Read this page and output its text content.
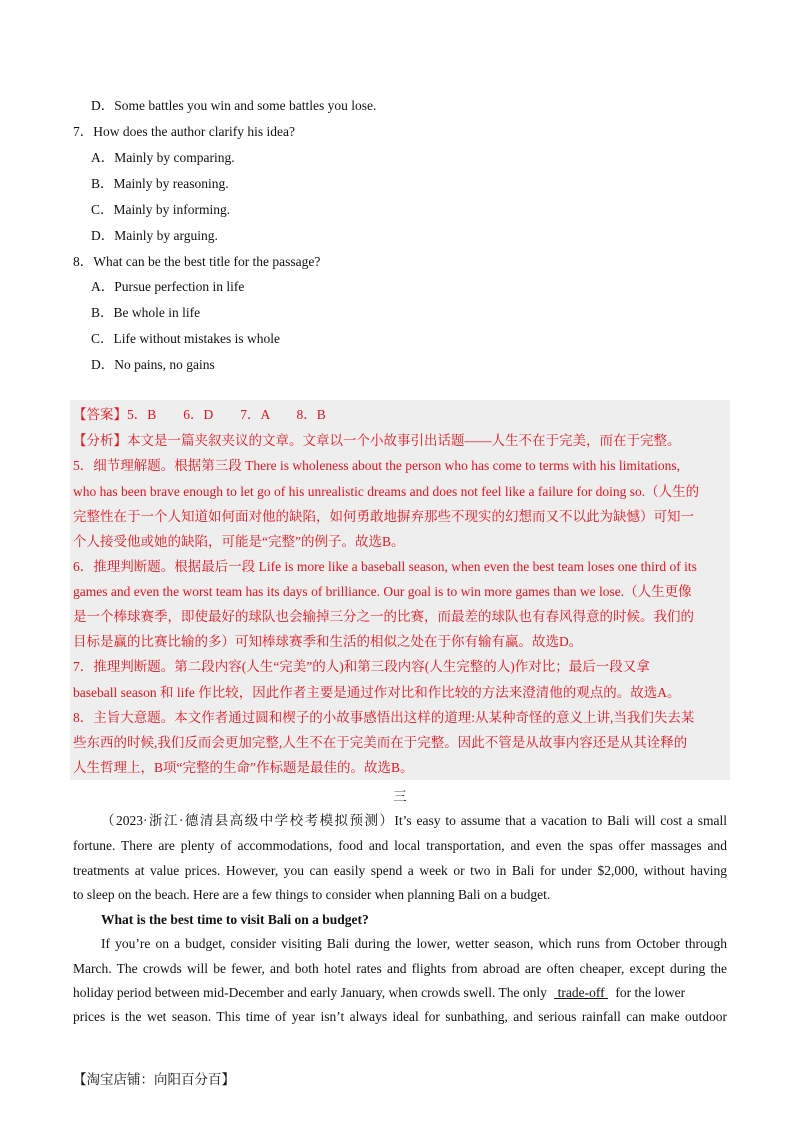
D．Some battles you win and some battles you lose.
7．How does the author clarify his idea?
A．Mainly by comparing.
B．Mainly by reasoning.
C．Mainly by informing.
D．Mainly by arguing.
8．What can be the best title for the passage?
A．Pursue perfection in life
B．Be whole in life
C．Life without mistakes is whole
D．No pains, no gains
【答案】5．B　　6．D　　7．A　　8．B
【分析】本文是一篇夹叙夹议的文章。文章以一个小故事引出话题——人生不在于完美，而在于完整。
5．细节理解题。根据第三段 There is wholeness about the person who has come to terms with his limitations,
who has been brave enough to let go of his unrealistic dreams and does not feel like a failure for doing so.（人生的
完整性在于一个人知道如何面对他的缺陷，如何勇敢地摒弃那些不现实的幻想而又不以此为缺憾）可知一
个人接受他或她的缺陷，可能是“完整”的例子。故选B。
6．推理判断题。根据最后一段 Life is more like a baseball season, when even the best team loses one third of its
games and even the worst team has its days of brilliance. Our goal is to win more games than we lose.（人生更像
是一个棒球赛季，即使最好的球队也会输掉三分之一的比赛，而最差的球队也有春风得意的时候。我们的
目标是赢的比赛比输的多）可知棒球赛季和生活的相似之处在于你有输有赢。故选D。
7．推理判断题。第二段内容(人生“完美”的人)和第三段内容(人生完整的人)作对比；最后一段又拿
baseball season 和 life 作比较，因此作者主要是通过作对比和作比较的方法来澄清他的观点的。故选A。
8．主旨大意题。本文作者通过圆和楔子的小故事感悟出这样的道理:从某种奇怪的意义上讲,当我们失去某
些东西的时候,我们反而会更加完整,人生不在于完美而在于完整。因此不管是从故事内容还是从其诠释的
人生哲理上，B项“完整的生命”作标题是最佳的。故选B。
三
（2023·浙江·德清县高级中学校考模拟预测）It’s easy to assume that a vacation to Bali will cost a small
fortune. There are plenty of accommodations, food and local transportation, and even the spas offer massages and
treatments at value prices. However, you can easily spend a week or two in Bali for under $2,000, without having
to sleep on the beach. Here are a few things to consider when planning Bali on a budget.
What is the best time to visit Bali on a budget?
If you’re on a budget, consider visiting Bali during the lower, wetter season, which runs from October through
March. The crowds will be fewer, and both hotel rates and flights from abroad are often cheaper, except during the
holiday period between mid-December and early January, when crowds swell. The only trade-off for the lower
prices is the wet season. This time of year isn’t always ideal for sunbathing, and serious rainfall can make outdoor
【淘宝店铺：向阳百分百】
